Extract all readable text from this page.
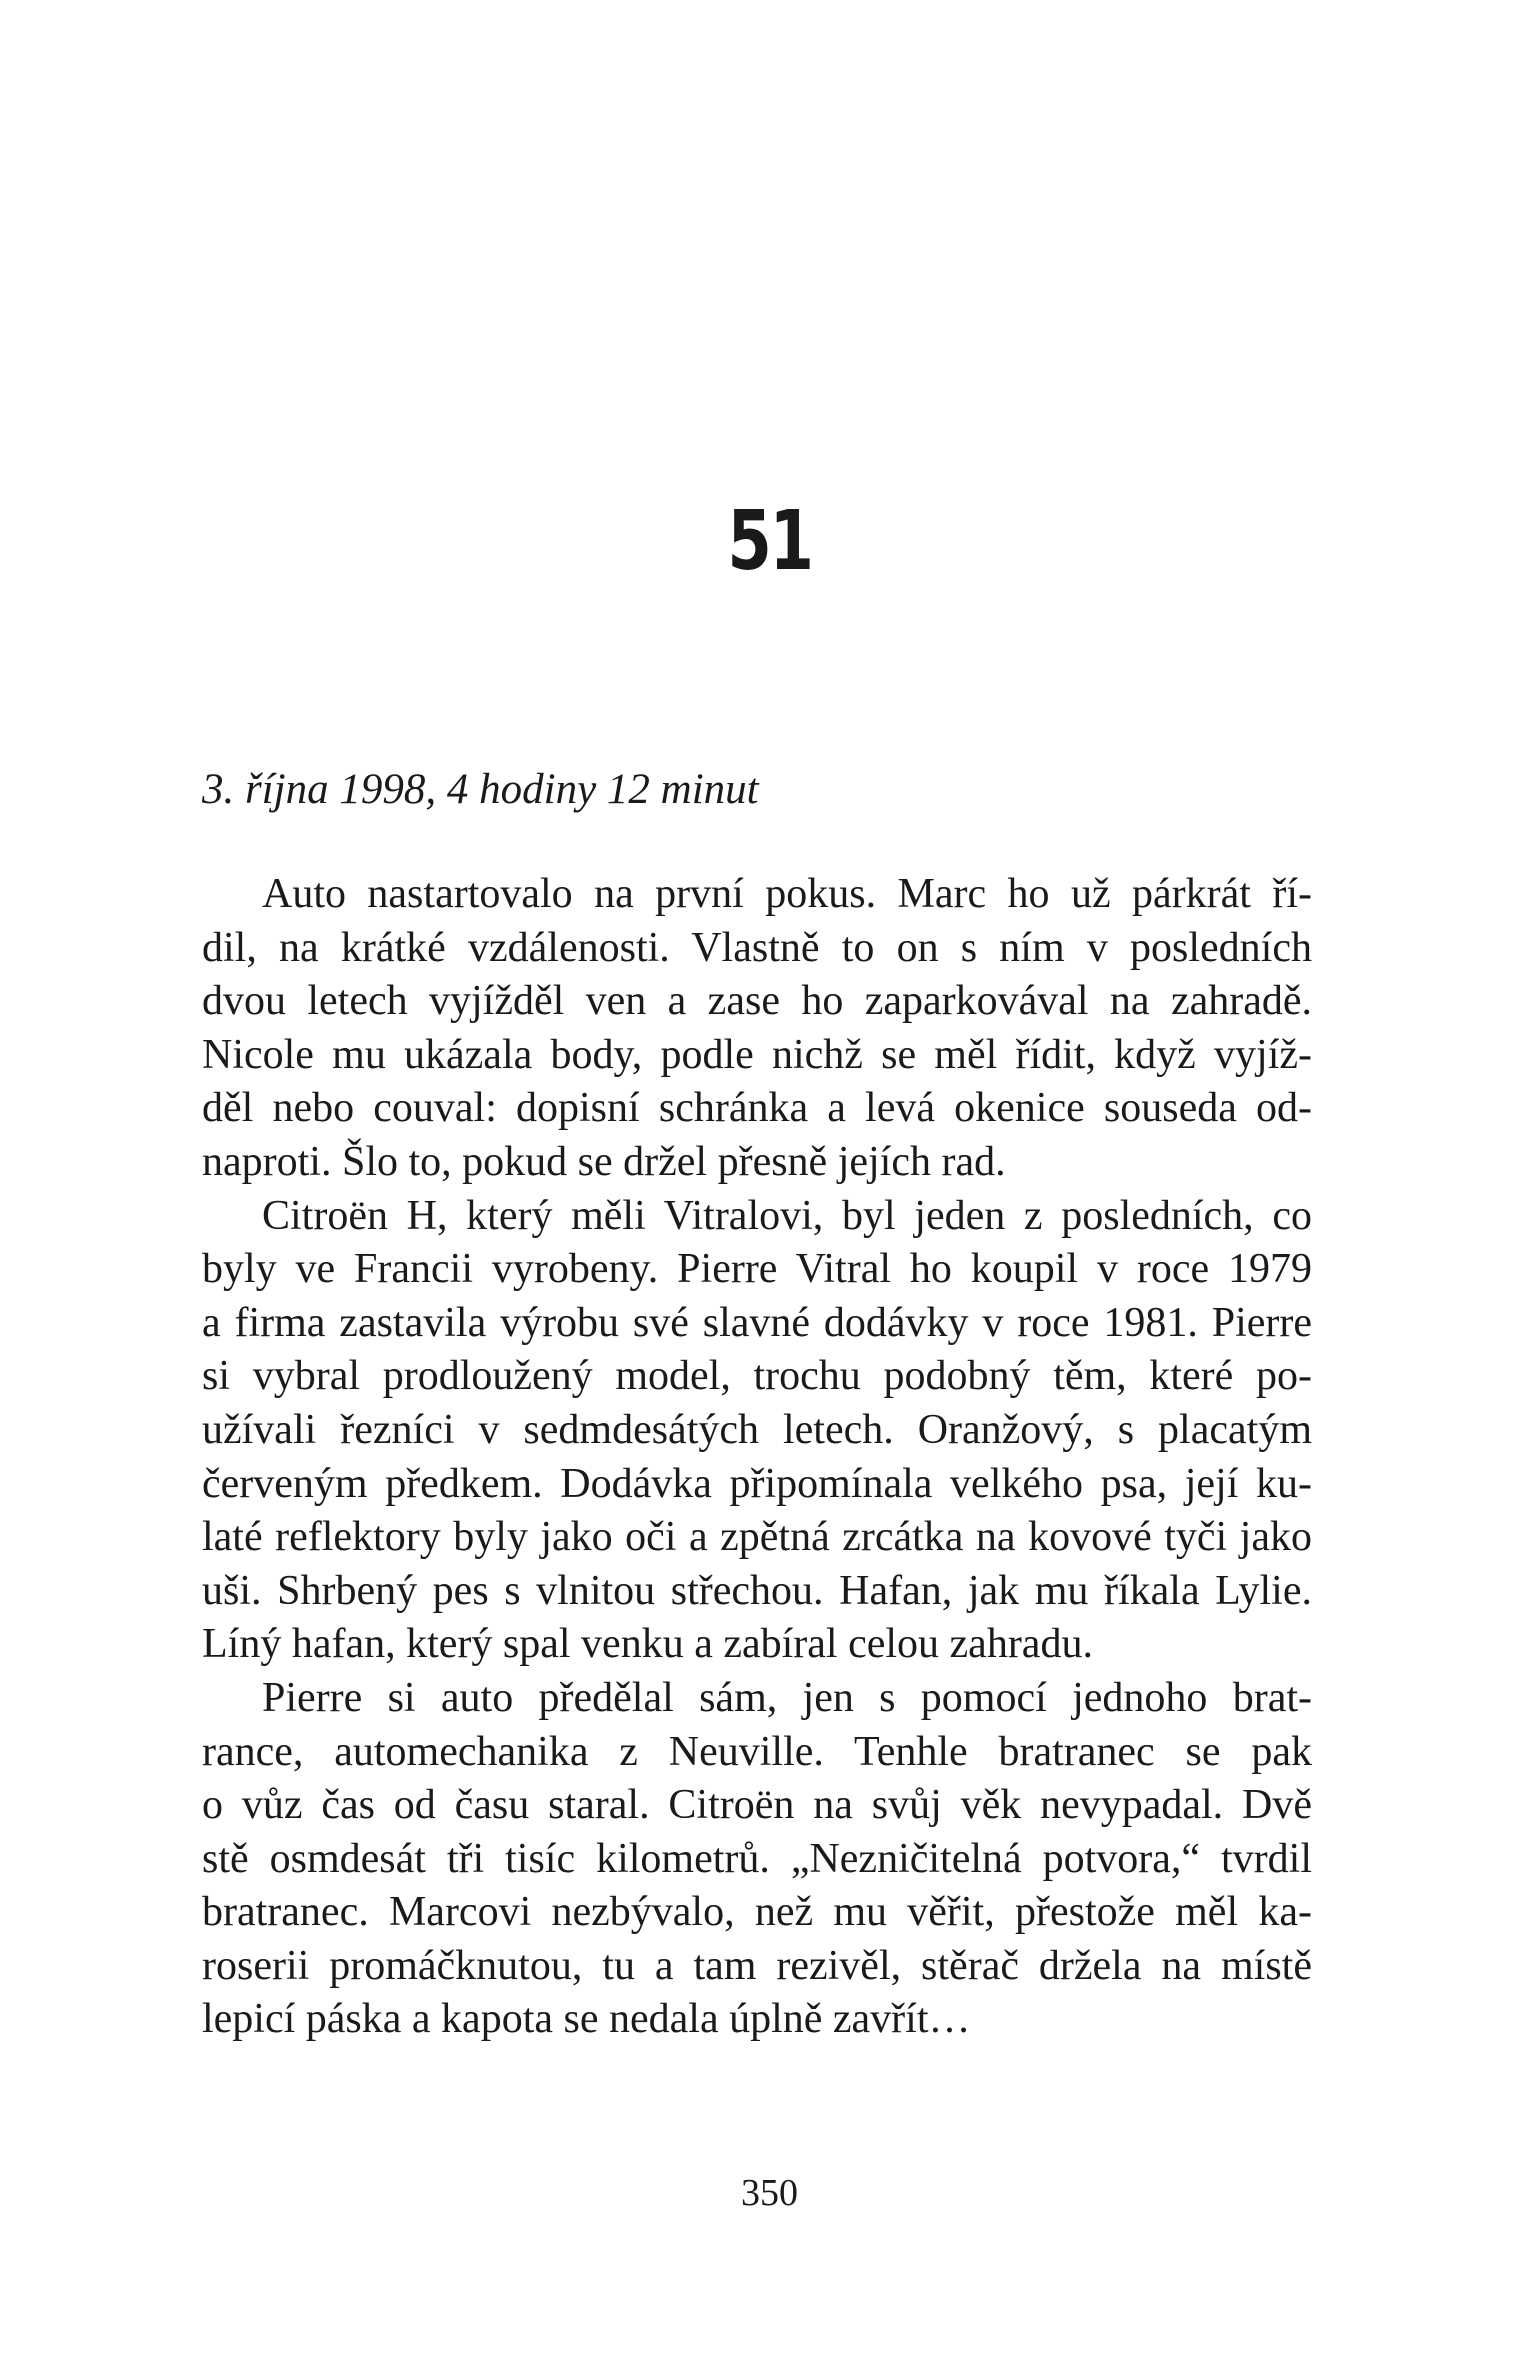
51
3. října 1998, 4 hodiny 12 minut
Auto nastartovalo na první pokus. Marc ho už párkrát ří-
dil, na krátké vzdálenosti. Vlastně to on s ním v posledních
dvou letech vyjížděl ven a zase ho zaparkovával na zahradě.
Nicole mu ukázala body, podle nichž se měl řídit, když vyjíž-
děl nebo couval: dopisní schránka a levá okenice souseda od-
naproti. Šlo to, pokud se držel přesně jejích rad.
Citroën H, který měli Vitralovi, byl jeden z posledních, co
byly ve Francii vyrobeny. Pierre Vitral ho koupil v roce 1979
a firma zastavila výrobu své slavné dodávky v roce 1981. Pierre
si vybral prodloužený model, trochu podobný těm, které po-
užívali řezníci v sedmdesátých letech. Oranžový, s placatým
červeným předkem. Dodávka připomínala velkého psa, její ku-
laté reflektory byly jako oči a zpětná zrcátka na kovové tyči jako
uši. Shrbený pes s vlnitou střechou. Hafan, jak mu říkala Lylie.
Líný hafan, který spal venku a zabíral celou zahradu.
Pierre si auto předělal sám, jen s pomocí jednoho brat-
rance, automechanika z Neuville. Tenhle bratranec se pak
o vůz čas od času staral. Citroën na svůj věk nevypadal. Dvě
stě osmdesát tři tisíc kilometrů. „Nezničitelná potvora,“ tvrdil
bratranec. Marcovi nezbývalo, než mu věřit, přestože měl ka-
roserii promáčknutou, tu a tam rezivěl, stěrač držela na místě
lepicí páska a kapota se nedala úplně zavřít…
350
